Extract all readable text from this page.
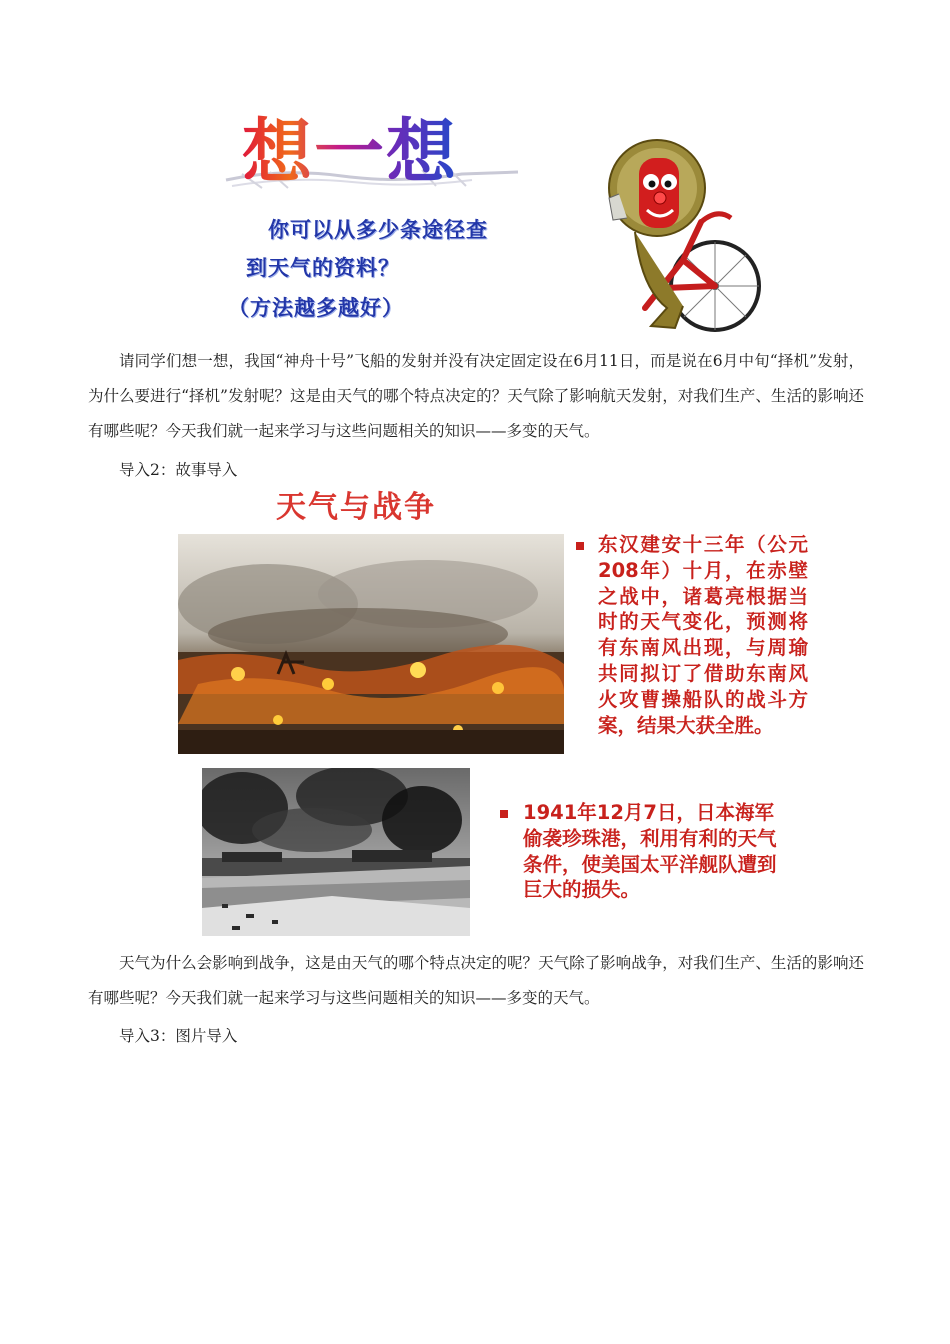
想一想

你可以从多少条途径查

到天气的资料？

（方法越多越好）

请同学们想一想，我国“神舟十号”飞船的发射并没有决定固定设在6月11日，而是说在6月中旬“择机”发射，为什么要进行“择机”发射呢？这是由天气的哪个特点决定的？天气除了影响航天发射，对我们生产、生活的影响还有哪些呢？今天我们就一起来学习与这些问题相关的知识——多变的天气。

导入2：故事导入

天气与战争

东汉建安十三年（公元208年）十月，在赤壁之战中，诸葛亮根据当时的天气变化，预测将有东南风出现，与周瑜共同拟订了借助东南风火攻曹操船队的战斗方案，结果大获全胜。

1941年12月7日，日本海军偷袭珍珠港，利用有利的天气条件，使美国太平洋舰队遭到巨大的损失。

天气为什么会影响到战争，这是由天气的哪个特点决定的呢？天气除了影响战争，对我们生产、生活的影响还有哪些呢？今天我们就一起来学习与这些问题相关的知识——多变的天气。

导入3：图片导入
